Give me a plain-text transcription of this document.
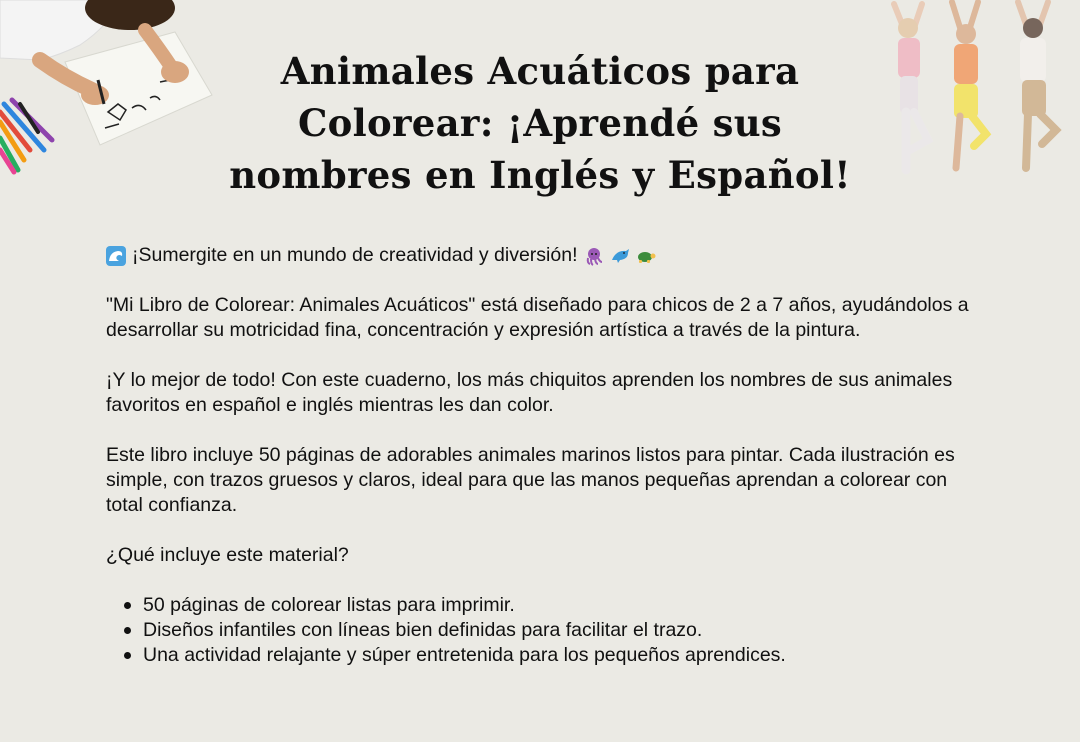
Animales Acuáticos para Colorear: ¡Aprendé sus nombres en Inglés y Español!

¡Sumergite en un mundo de creatividad y diversión!

"Mi Libro de Colorear: Animales Acuáticos" está diseñado para chicos de 2 a 7 años, ayudándolos a desarrollar su motricidad fina, concentración y expresión artística a través de la pintura.

¡Y lo mejor de todo! Con este cuaderno, los más chiquitos aprenden los nombres de sus animales favoritos en español e inglés mientras les dan color.

Este libro incluye 50 páginas de adorables animales marinos listos para pintar. Cada ilustración es simple, con trazos gruesos y claros, ideal para que las manos pequeñas aprendan a colorear con total confianza.

¿Qué incluye este material?

50 páginas de colorear listas para imprimir.
Diseños infantiles con líneas bien definidas para facilitar el trazo.
Una actividad relajante y súper entretenida para los pequeños aprendices.
